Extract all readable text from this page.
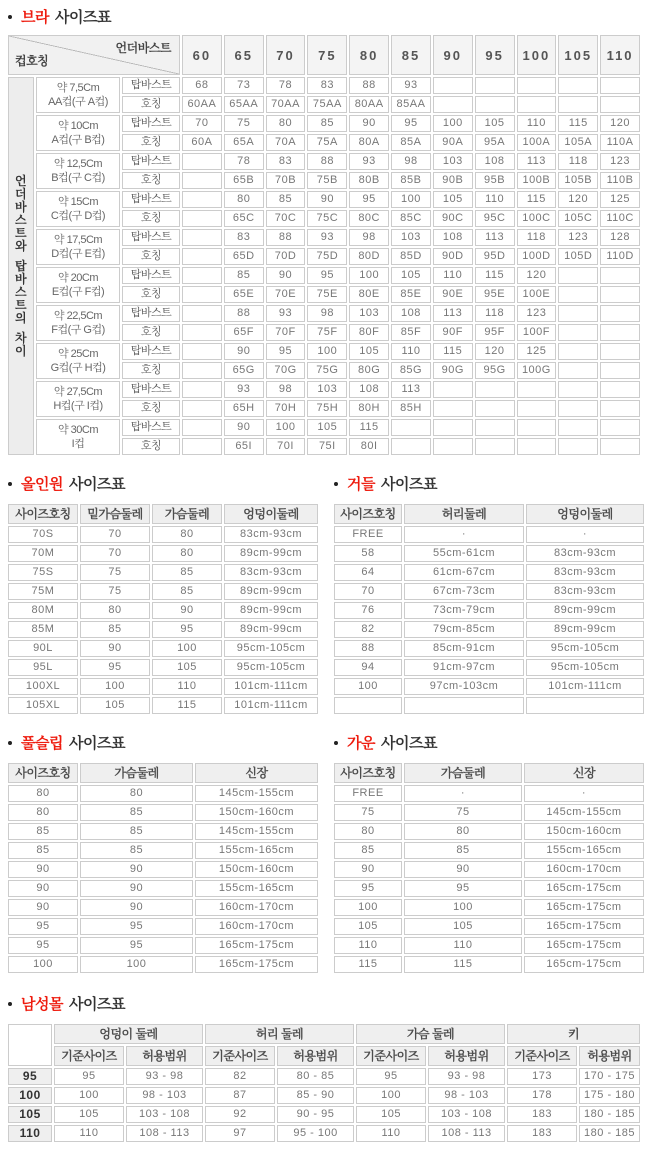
브라 사이즈표
언더바스트
컵호칭			60	65	70	75	80	85	90	95	100	105	110

언
더
바
스
트
와
탑
바
스
트
의
차
이

약 7,5Cm
AA컵(구 A컵)
	탑바스트	68	73	78	83	88	93					
		호칭	60AA	65AA	70AA	75AA	80AA	85AA					

	약 10Cm
A컵(구 B컵)	탑바스트	70	75	80	85	90	95	100	105	110	115	120
		호칭	60A	65A	70A	75A	80A	85A	90A	95A	100A	105A	110A

	약 12,5Cm
B컵(구 C컵)	탑바스트		78	83	88	93	98	103	108	113	118	123
		호칭		65B	70B	75B	80B	85B	90B	95B	100B	105B	110B

	약 15Cm
C컵(구 D컵)	탑바스트		80	85	90	95	100	105	110	115	120	125
		호칭		65C	70C	75C	80C	85C	90C	95C	100C	105C	110C

	약 17,5Cm
D컵(구 E컵)	탑바스트		83	88	93	98	103	108	113	118	123	128
		호칭		65D	70D	75D	80D	85D	90D	95D	100D	105D	110D

	약 20Cm
E컵(구 F컵)	탑바스트		85	90	95	100	105	110	115	120		
		호칭		65E	70E	75E	80E	85E	90E	95E	100E		

	약 22,5Cm
F컵(구 G컵)	탑바스트		88	93	98	103	108	113	118	123		
		호칭		65F	70F	75F	80F	85F	90F	95F	100F		

	약 25Cm
G컵(구 H컵)	탑바스트		90	95	100	105	110	115	120	125		
		호칭		65G	70G	75G	80G	85G	90G	95G	100G		

	약 27,5Cm
H컵(구 I컵)	탑바스트		93	98	103	108	113					
		호칭		65H	70H	75H	80H	85H					

	약 30Cm
I컵	탑바스트		90	100	105	115						
		호칭		65I	70I	75I	80I						
올인원 사이즈표
사이즈호칭	밑가슴둘레	가슴둘레	엉덩이둘레
70S	70	80	83cm-93cm
70M	70	80	89cm-99cm
75S	75	85	83cm-93cm
75M	75	85	89cm-99cm
80M	80	90	89cm-99cm
85M	85	95	89cm-99cm
90L	90	100	95cm-105cm
95L	95	105	95cm-105cm
100XL	100	110	101cm-111cm
105XL	105	115	101cm-111cm
거들 사이즈표
사이즈호칭	허리둘레	엉덩이둘레
FREE	·	·
58	55cm-61cm	83cm-93cm
64	61cm-67cm	83cm-93cm
70	67cm-73cm	83cm-93cm
76	73cm-79cm	89cm-99cm
82	79cm-85cm	89cm-99cm
88	85cm-91cm	95cm-105cm
94	91cm-97cm	95cm-105cm
100	97cm-103cm	101cm-111cm

풀슬립 사이즈표
사이즈호칭	가슴둘레	신장
80	80	145cm-155cm
80	85	150cm-160cm
85	85	145cm-155cm
85	85	155cm-165cm
90	90	150cm-160cm
90	90	155cm-165cm
90	90	160cm-170cm
95	95	160cm-170cm
95	95	165cm-175cm
100	100	165cm-175cm
가운 사이즈표
사이즈호칭	가슴둘레	신장
FREE	·	·
75	75	145cm-155cm
80	80	150cm-160cm
85	85	155cm-165cm
90	90	160cm-170cm
95	95	165cm-175cm
100	100	165cm-175cm
105	105	165cm-175cm
110	110	165cm-175cm
115	115	165cm-175cm
남성몰 사이즈표
	엉덩이 둘레		허리 둘레		가슴 둘레		키	
	기준사이즈	허용범위	기준사이즈	허용범위	기준사이즈	허용범위	기준사이즈	허용범위
95	95	93 - 98	82	80 - 85	95	93 - 98	173	170 - 175
100	100	98 - 103	87	85 - 90	100	98 - 103	178	175 - 180
105	105	103 - 108	92	90 - 95	105	103 - 108	183	180 - 185
110	110	108 - 113	97	95 - 100	110	108 - 113	183	180 - 185
